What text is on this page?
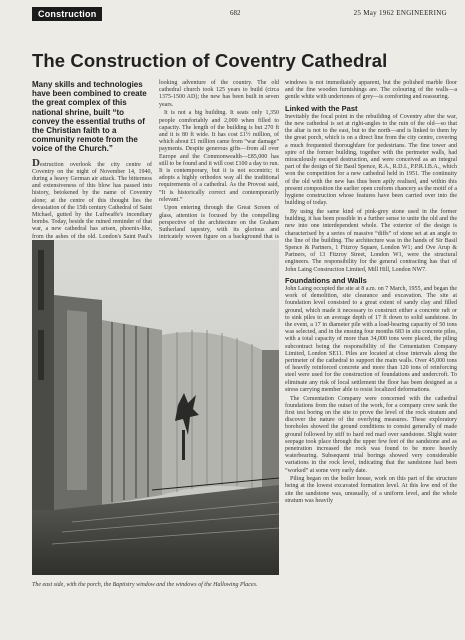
Construction	682	25 May 1962 ENGINEERING
The Construction of Coventry Cathedral
Many skills and technologies have been combined to create the great complex of this national shrine, built “to convey the essential truths of the Christian faith to a community remote from the voice of the Church.”

Destruction overlook the city centre of Coventry on the night of November 14, 1940, during a heavy German air attack. The bitterness and extensiveness of this blow has passed into history, betokened by the name of Coventry alone; at the centre of this thought lies the devastation of the 15th century Cathedral of Saint Michael, gutted by the Luftwaffe's incendiary bombs. Today, beside the ruined reminder of that war, a new cathedral has arisen, phoenix-like, from the ashes of the old. London's Saint Paul's

looking adventure of the country. The old cathedral church took 125 years to build (circa 1375-1500 AD); the new has been built in seven years.

It is not a big building. It seats only 1,350 people comfortably and 2,000 when filled to capacity. The length of the building is but 270 ft and it is 80 ft wide. It has cost £1½ million, of which about £1 million came from “war damage” payments. Despite generous gifts—from all over Europe and the Commonwealth—£85,000 has still to be found and it will cost £100 a day to run. It is contemporary, but it is not eccentric; it adopts a highly orthodox way all the traditional requirements of a cathedral. As the Provost said, “It is historically correct and contemporarily relevant.”

Upon entering through the Great Screen of glass, attention is focused by the compelling perspective of the architecture on the Graham Sutherland tapestry, with its glorious and intricately woven figure on a background that is

windows is not immediately apparent, but the polished marble floor and the fine wooden furnishings are. The colouring of the walls—a gentle white with undertones of grey—is comforting and reassuring.

Linked with the Past

Inevitably the focal point in the rebuilding of Coventry after the war, the new cathedral is set at right-angles to the ruin of the old—so that the altar is not to the east, but to the north—and is linked to them by the great porch, which is on a direct line from the city centre, covering a much frequented thoroughfare for pedestrians. The fine tower and spire of the former building, together with the perimeter walls, had miraculously escaped destruction, and were conceived as an integral part of the design of Sir Basil Spence, R.A., R.D.I., P.P.R.I.B.A., which won the competition for a new cathedral held in 1951. The continuity of the old with the new has thus been aptly realised, and within this present composition the earlier open cruform chancery as the motif of a hygiene construction whose features have been carried over into the building of today.

By using the same kind of pink-grey stone used in the former building, it has been possible in a further sense to unite the old and the new into one interdependent whole. The exterior of the design is characterised by a series of massive “diffs” of stone set at an angle to the line of the building. The architecture was in the hands of Sir Basil Spence & Partners, 1 Fitzroy Square, London W1; and Ove Arup & Partners, of 13 Fitzroy Street, London W1, were the structural engineers. The responsibility for the general contracting has that of John Laing Construction Limited, Mill Hill, London NW7.

Foundations and Walls

John Laing occupied the site at 8 a.m. on 7 March, 1955, and began the work of demolition, site clearance and excavation. The site at foundation level consisted to a great extent of sandy clay and filled ground, which made it necessary to construct either a concrete raft or to sink piles to an average depth of 17 ft down to solid sandstone. In the event, a 17 in diameter pile with a load-bearing capacity of 50 tons was selected, and in the ensuing four months 683 in situ concrete piles, with a total capacity of more than 34,000 tons were placed, the piling subcontract being the responsibility of the Cementation Company Limited, London SE11. Piles are located at close intervals along the perimeter of the cathedral to support the main walls. Over 45,000 tons of heavily reinforced concrete and more than 120 tons of reinforcing steel were used for the construction of foundations and undercroft. To eliminate any risk of local settlement the floor has been designed as a stress carrying member able to resist localized deformations.

The Cementation Company were concerned with the cathedral foundations from the outset of the work, for a company crew sank the first test boring on the site to prove the level of the rock stratum and discover the nature of the overlying measures. These exploratory boreholes showed the ground conditions to consist generally of made ground followed by stiff to hard red marl over sandstone. Slight water seepage took place through the upper few feet of the sandstone and as penetration increased the rock was found to be more heavily waterbearing. Subsequent trial borings showed very considerable variations in the rock level, indicating that the sandstone had been “worked” at some very early date.

Piling began on the boiler house, work on this part of the structure being at the lowest excavated formation level. At this low end of the site the sandstone was, unusually, of a uniform level, and the whole stratum was heavily

The east side, with the porch, the Baptistry window and the windows of the Hallowing Places.
